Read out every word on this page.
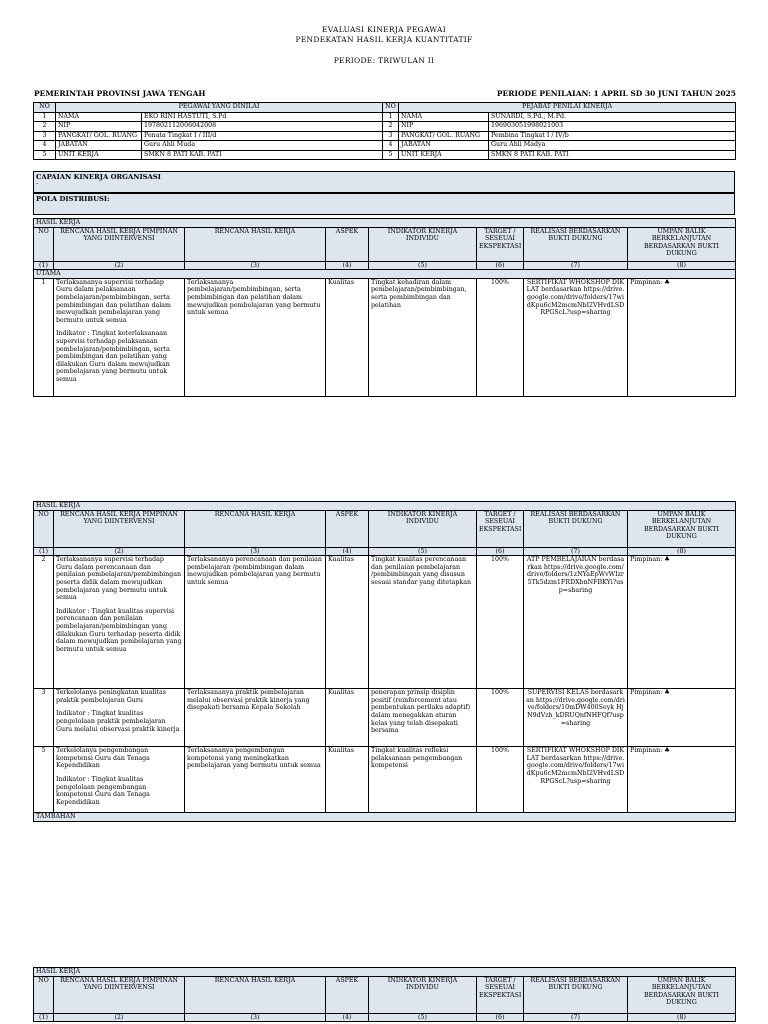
EVALUASI KINERJA PEGAWAI
PENDEKATAN HASIL KERJA KUANTITATIF
PERIODE: TRIWULAN II
PEMERINTAH PROVINSI JAWA TENGAH	PERIODE PENILAIAN: 1 APRIL SD 30 JUNI TAHUN 2025
NO	PEGAWAI YANG DINILAI		NO	PEJABAT PENILAI KINERJA	
1	NAMA	EKO RINI HASTUTI, S.Pd	1	NAMA	SUNARDI, S.Pd., M.Pd.
2	NIP	197802112006042008	2	NIP	196903051998021003
3	PANGKAT/ GOL. RUANG	Penata Tingkat I / III/d	3	PANGKAT/ GOL. RUANG	Pembina Tingkat I / IV/b
4	JABATAN	Guru Ahli Muda	4	JABATAN	Guru Ahli Madya
5	UNIT KERJA	SMKN 8 PATI KAB. PATI	5	UNIT KERJA	SMKN 8 PATI KAB. PATI
CAPAIAN KINERJA ORGANISASI
-
POLA DISTRIBUSI:
HASIL KERJA							
NO	RENCANA HASIL KERJA PIMPINAN YANG DIINTERVENSI	RENCANA HASIL KERJA	ASPEK	INDIKATOR KINERJA INDIVIDU	TARGET / SESEUAI EKSPEKTASI	REALISASI BERDASARKAN BUKTI DUKUNG	UMPAN BALIK BERKELANJUTAN BERDASARKAN BUKTI DUKUNG
(1)	(2)	(3)	(4)	(5)	(6)	(7)	(8)
UTAMA							
1	Terlaksananya supervisi terhadap Guru dalam pelaksanaan pembelajaran/pembimbingan, serta pembimbingan dan pelatihan dalam mewujudkan pembelajaran yang bermutu untuk semua

Indikator : Tingkat keterlaksanaan supervisi terhadap pelaksanaan pembelajaran/pembimbingan, serta pembimbingan dan pelatihan yang dilakukan Guru dalam mewujudkan pembelajaran yang bermutu untuk semua	Terlaksananya pembelajaran/pembimbingan, serta pembimbingan dan pelatihan dalam mewujudkan pembelajaran yang bermutu untuk semua	Kualitas	Tingkat kehadiran dalam pembelajaran/pembimbingan, serta pembimbingan dan pelatihan	100%	SERTIFIKAT WHOKSHOP DIKLAT berdasarkan https://drive.google.com/drive/folders/17widKpu6cM2mcmNbI2VHvdLSDRPGScL?usp=sharing	Pimpinan: ♣
HASIL KERJA							
NO	RENCANA HASIL KERJA PIMPINAN YANG DIINTERVENSI	RENCANA HASIL KERJA	ASPEK	INDIKATOR KINERJA INDIVIDU	TARGET / SESEUAI EKSPEKTASI	REALISASI BERDASARKAN BUKTI DUKUNG	UMPAN BALIK BERKELANJUTAN BERDASARKAN BUKTI DUKUNG
(1)	(2)	(3)	(4)	(5)	(6)	(7)	(8)
2	Terlaksananya supervisi terhadap Guru dalam perencanaan dan penilaian pembelajaran/pembimbingan peserta didik dalam mewujudkan pembelajaran yang bermutu untuk semua

Indikator : Tingkat kualitas supervisi perencanaan dan penilaian pembelajaran/pembimbingan yang dilakukan Guru terhadap peserta didik dalam mewujudkan pembelajaran yang bermutu untuk semua	Terlaksananya perencanaan dan penilaian pembelajaran /pembimbingan dalam mewujudkan pembelajaran yang bermutu untuk semua	Kualitas	Tingkat kualitas perencanaan dan penilaian pembelajaran /pembimbingan yang disusun sesuai standar yang ditetapkan	100%	ATP PEMBELAJARAN berdasarkan https://drive.google.com/drive/folders/1zNYaEpWvWIzr5Tk5dzm1FRDXbnNFBKYi?usp=sharing	Pimpinan: ♣
3	Terkelolanya peningkatan kualitas praktik pembelajaran Guru

Indikator : Tingkat kualitas pengelolaan praktik pembelajaran Guru melalui observasi praktik kinerja	Terlaksananya praktik pembelajaran melalui observasi praktik kinerja yang disepakati bersama Kepala Sekolah	Kualitas	penerapan prinsip disiplin positif (reinforcement atau pembentukan perilaku adaptif) dalam menegakkan aturan kelas yang telah disepakati bersama	100%	SUPERVISI KELAS berdasarkan https://drive.google.com/drive/folders/10mDW400Seyk HjN9dVzh_kDRUQnfNHFQf?usp=sharing	Pimpinan: ♣
5	Terkelolanya pengembangan kompetensi Guru dan Tenaga Kependidikan

Indikator : Tingkat kualitas pengelolaan pengembangan kompetensi Guru dan Tenaga Kependidikan	Terlaksananya pengembangan kompetensi yang meningkatkan pembelajaran yang bermutu untuk semua	Kualitas	Tingkat kualitas refleksi pelaksanaan pengembangan kompetensi	100%	SERTIFIKAT WHOKSHOP DIKLAT berdasarkan https://drive.google.com/drive/folders/17widKpu6cM2mcmNbI2VHvdLSDRPGScL?usp=sharing	Pimpinan: ♣
TAMBAHAN							
HASIL KERJA							
NO	RENCANA HASIL KERJA PIMPINAN YANG DIINTERVENSI	RENCANA HASIL KERJA	ASPEK	INDIKATOR KINERJA INDIVIDU	TARGET / SESEUAI EKSPEKTASI	REALISASI BERDASARKAN BUKTI DUKUNG	UMPAN BALIK BERKELANJUTAN BERDASARKAN BUKTI DUKUNG
(1)	(2)	(3)	(4)	(5)	(6)	(7)	(8)
